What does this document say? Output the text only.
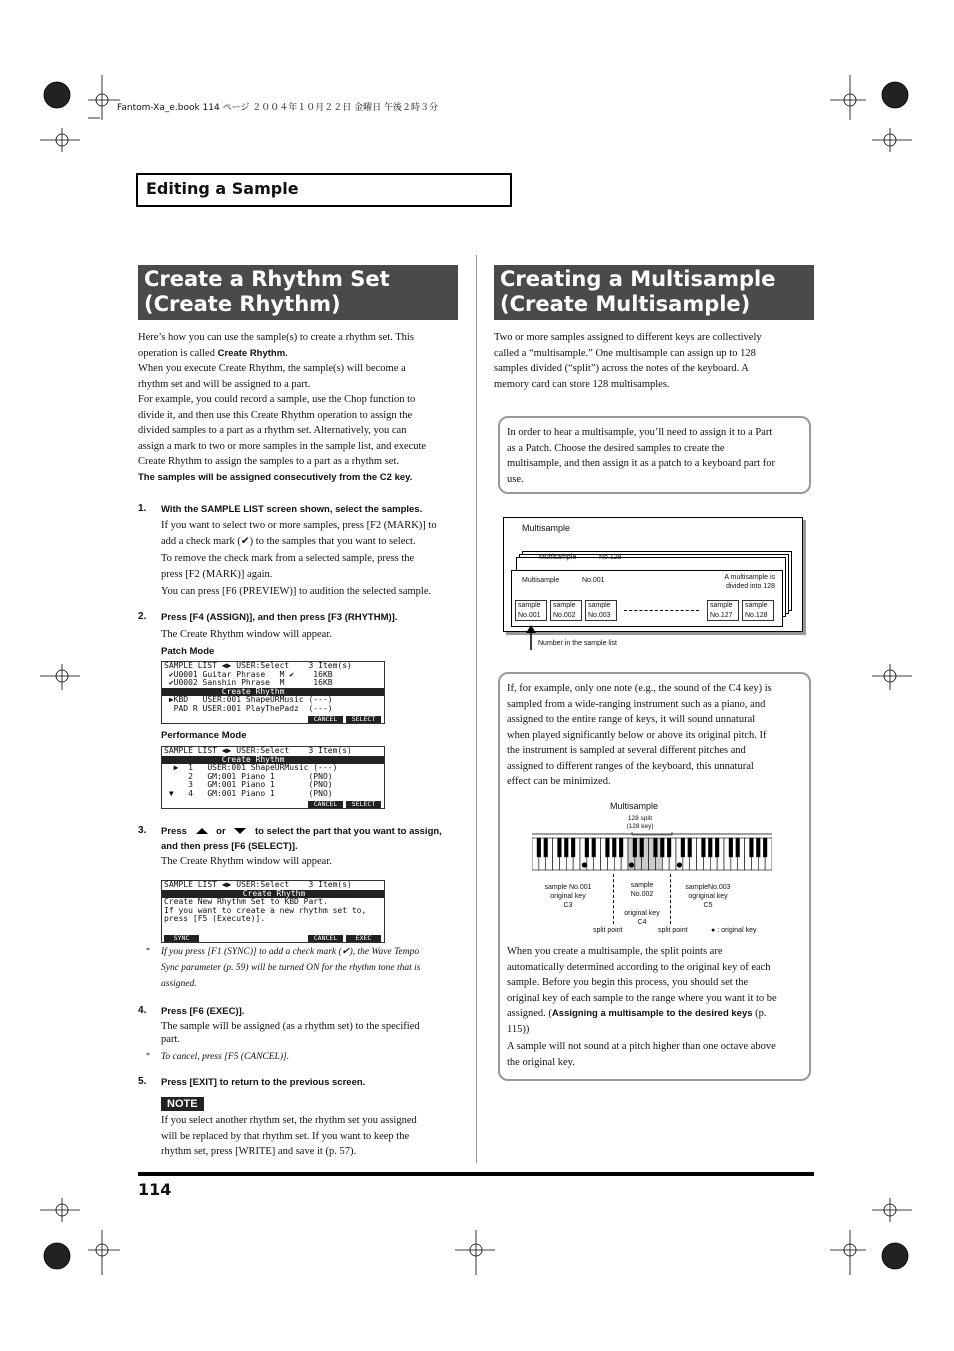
Fantom-Xa_e.book 114 ページ ２００４年１０月２２日 金曜日 午後２時３分
Editing a Sample
Create a Rhythm Set
(Create Rhythm)
Here’s how you can use the sample(s) to create a rhythm set. This
operation is called Create Rhythm.
When you execute Create Rhythm, the sample(s) will become a
rhythm set and will be assigned to a part.
For example, you could record a sample, use the Chop function to
divide it, and then use this Create Rhythm operation to assign the
divided samples to a part as a rhythm set. Alternatively, you can
assign a mark to two or more samples in the sample list, and execute
Create Rhythm to assign the samples to a part as a rhythm set.
The samples will be assigned consecutively from the C2 key.
1. With the SAMPLE LIST screen shown, select the samples.
If you want to select two or more samples, press [F2 (MARK)] to
add a check mark (✔) to the samples that you want to select.
To remove the check mark from a selected sample, press the
press [F2 (MARK)] again.
You can press [F6 (PREVIEW)] to audition the selected sample.
2. Press [F4 (ASSIGN)], and then press [F3 (RHYTHM)].
The Create Rhythm window will appear.
Patch Mode
SAMPLE LIST ◀▶ USER:Select    3 Item(s)
✔U0001 Guitar Phrase   M ✔    16KB
✔U0002 Sanshin Phrase  M      16KB
Create Rhythm
▶KBD   USER:001 ShapeURMusic (---)
PAD R USER:001 PlayThePadz  (---)
CANCEL	SELECT
Performance Mode
SAMPLE LIST ◀▶ USER:Select    3 Item(s)
Create Rhythm
▶  1   USER:001 ShapeURMusic (---)
2   GM:001 Piano 1       (PNO)
3   GM:001 Piano 1       (PNO)
▼   4   GM:001 Piano 1       (PNO)
CANCEL	SELECT
3. Press	or	to select the part that you want to assign,
and then press [F6 (SELECT)].
The Create Rhythm window will appear.
SAMPLE LIST ◀▶ USER:Select    3 Item(s)
Create Rhythm
Create New Rhythm Set to KBD Part.
If you want to create a new rhythm set to,
press [F5 (Execute)].
SYNC	CANCEL	EXEC
* If you press [F1 (SYNC)] to add a check mark (✔), the Wave Tempo
Sync parameter (p. 59) will be turned ON for the rhythm tone that is
assigned.
4. Press [F6 (EXEC)].
The sample will be assigned (as a rhythm set) to the specified
part.
* To cancel, press [F5 (CANCEL)].
5. Press [EXIT] to return to the previous screen.
NOTE
If you select another rhythm set, the rhythm set you assigned
will be replaced by that rhythm set. If you want to keep the
rhythm set, press [WRITE] and save it (p. 57).
Creating a Multisample
(Create Multisample)
Two or more samples assigned to different keys are collectively
called a “multisample.” One multisample can assign up to 128
samples divided (“split”) across the notes of the keyboard. A
memory card can store 128 multisamples.
In order to hear a multisample, you’ll need to assign it to a Part
as a Patch. Choose the desired samples to create the
multisample, and then assign it as a patch to a keyboard part for
use.
Multisample
Multisample	No.128
Multisample	No.001	A multisample is
divided into 128
sample
No.001
sample
No.002
sample
No.003
sample
No.127
sample
No.128
Number in the sample list
If, for example, only one note (e.g., the sound of the C4 key) is
sampled from a wide-ranging instrument such as a piano, and
assigned to the entire range of keys, it will sound unnatural
when played significantly below or above its original pitch. If
the instrument is sampled at several different pitches and
assigned to different ranges of the keyboard, this unnatural
effect can be minimized.
Multisample
128 split
(128 key)
sample No.001
original key
C3
sample
No.002
original key
C4
sampleNo.003
ogriginal key
C5
split point	split point	● : original key
When you create a multisample, the split points are
automatically determined according to the original key of each
sample. Before you begin this process, you should set the
original key of each sample to the range where you want it to be
assigned. (Assigning a multisample to the desired keys (p.
115))
A sample will not sound at a pitch higher than one octave above
the original key.
114
